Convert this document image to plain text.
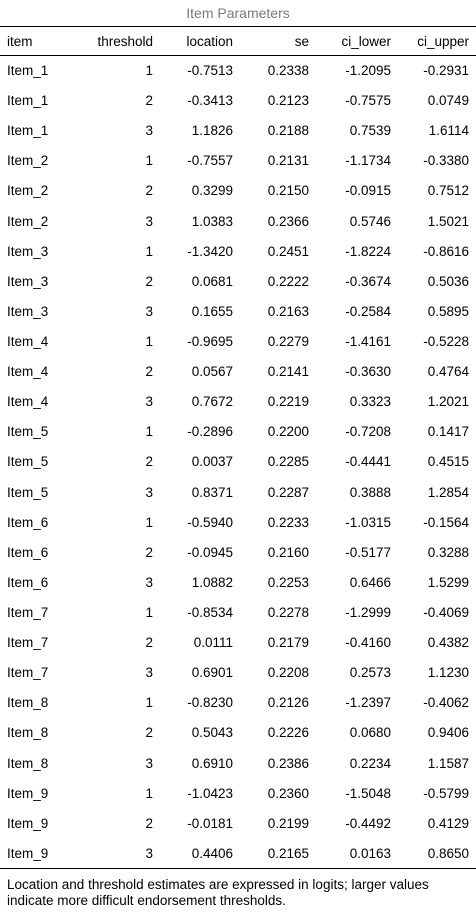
Item Parameters
item	threshold	location	se	ci_lower	ci_upper
Item_1	1	-0.7513	0.2338	-1.2095	-0.2931
Item_1	2	-0.3413	0.2123	-0.7575	0.0749
Item_1	3	1.1826	0.2188	0.7539	1.6114
Item_2	1	-0.7557	0.2131	-1.1734	-0.3380
Item_2	2	0.3299	0.2150	-0.0915	0.7512
Item_2	3	1.0383	0.2366	0.5746	1.5021
Item_3	1	-1.3420	0.2451	-1.8224	-0.8616
Item_3	2	0.0681	0.2222	-0.3674	0.5036
Item_3	3	0.1655	0.2163	-0.2584	0.5895
Item_4	1	-0.9695	0.2279	-1.4161	-0.5228
Item_4	2	0.0567	0.2141	-0.3630	0.4764
Item_4	3	0.7672	0.2219	0.3323	1.2021
Item_5	1	-0.2896	0.2200	-0.7208	0.1417
Item_5	2	0.0037	0.2285	-0.4441	0.4515
Item_5	3	0.8371	0.2287	0.3888	1.2854
Item_6	1	-0.5940	0.2233	-1.0315	-0.1564
Item_6	2	-0.0945	0.2160	-0.5177	0.3288
Item_6	3	1.0882	0.2253	0.6466	1.5299
Item_7	1	-0.8534	0.2278	-1.2999	-0.4069
Item_7	2	0.0111	0.2179	-0.4160	0.4382
Item_7	3	0.6901	0.2208	0.2573	1.1230
Item_8	1	-0.8230	0.2126	-1.2397	-0.4062
Item_8	2	0.5043	0.2226	0.0680	0.9406
Item_8	3	0.6910	0.2386	0.2234	1.1587
Item_9	1	-1.0423	0.2360	-1.5048	-0.5799
Item_9	2	-0.0181	0.2199	-0.4492	0.4129
Item_9	3	0.4406	0.2165	0.0163	0.8650
Location and threshold estimates are expressed in logits; larger values indicate more difficult endorsement thresholds.
